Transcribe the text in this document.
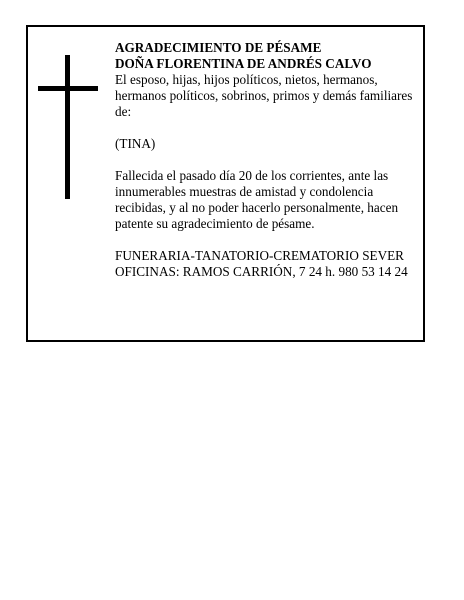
AGRADECIMIENTO DE PÉSAME

DOÑA FLORENTINA DE ANDRÉS CALVO

El esposo, hijas, hijos políticos, nietos, hermanos, hermanos políticos, sobrinos, primos y demás familiares de:

(TINA)

Fallecida el pasado día 20 de los corrientes, ante las innumerables muestras de amistad y condolencia recibidas, y al no poder hacerlo personalmente, hacen patente su agradecimiento de pésame.

FUNERARIA-TANATORIO-CREMATORIO SEVER

OFICINAS: RAMOS CARRIÓN, 7 24 h. 980 53 14 24
